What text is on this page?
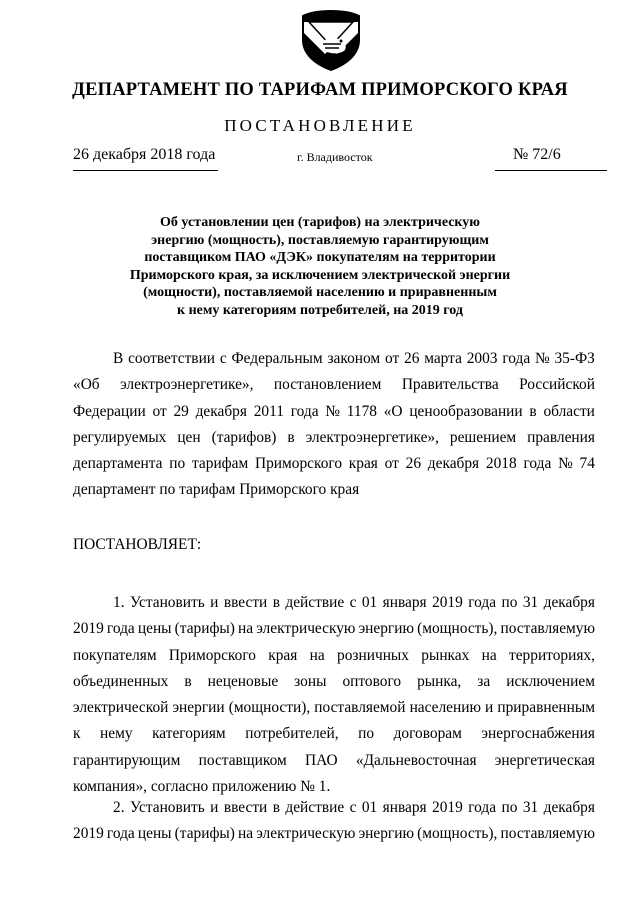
ДЕПАРТАМЕНТ ПО ТАРИФАМ ПРИМОРСКОГО КРАЯ
ПОСТАНОВЛЕНИЕ
26 декабря 2018 года	г. Владивосток	№ 72/6
Об установлении цен (тарифов) на электрическую
энергию (мощность), поставляемую гарантирующим
поставщиком ПАО «ДЭК» покупателям на территории
Приморского края, за исключением электрической энергии
(мощности), поставляемой населению и приравненным
к нему категориям потребителей, на 2019 год
В соответствии с Федеральным законом от 26 марта 2003 года № 35-ФЗ
«Об электроэнергетике», постановлением Правительства Российской
Федерации от 29 декабря 2011 года № 1178 «О ценообразовании в области
регулируемых цен (тарифов) в электроэнергетике», решением правления
департамента по тарифам Приморского края от 26 декабря 2018 года № 74
департамент по тарифам Приморского края
ПОСТАНОВЛЯЕТ:
1. Установить и ввести в действие с 01 января 2019 года по 31 декабря
2019 года цены (тарифы) на электрическую энергию (мощность), поставляемую
покупателям Приморского края на розничных рынках на территориях,
объединенных в неценовые зоны оптового рынка, за исключением
электрической энергии (мощности), поставляемой населению и приравненным
к нему категориям потребителей, по договорам энергоснабжения
гарантирующим поставщиком ПАО «Дальневосточная энергетическая
компания», согласно приложению № 1.
2. Установить и ввести в действие с 01 января 2019 года по 31 декабря
2019 года цены (тарифы) на электрическую энергию (мощность), поставляемую
